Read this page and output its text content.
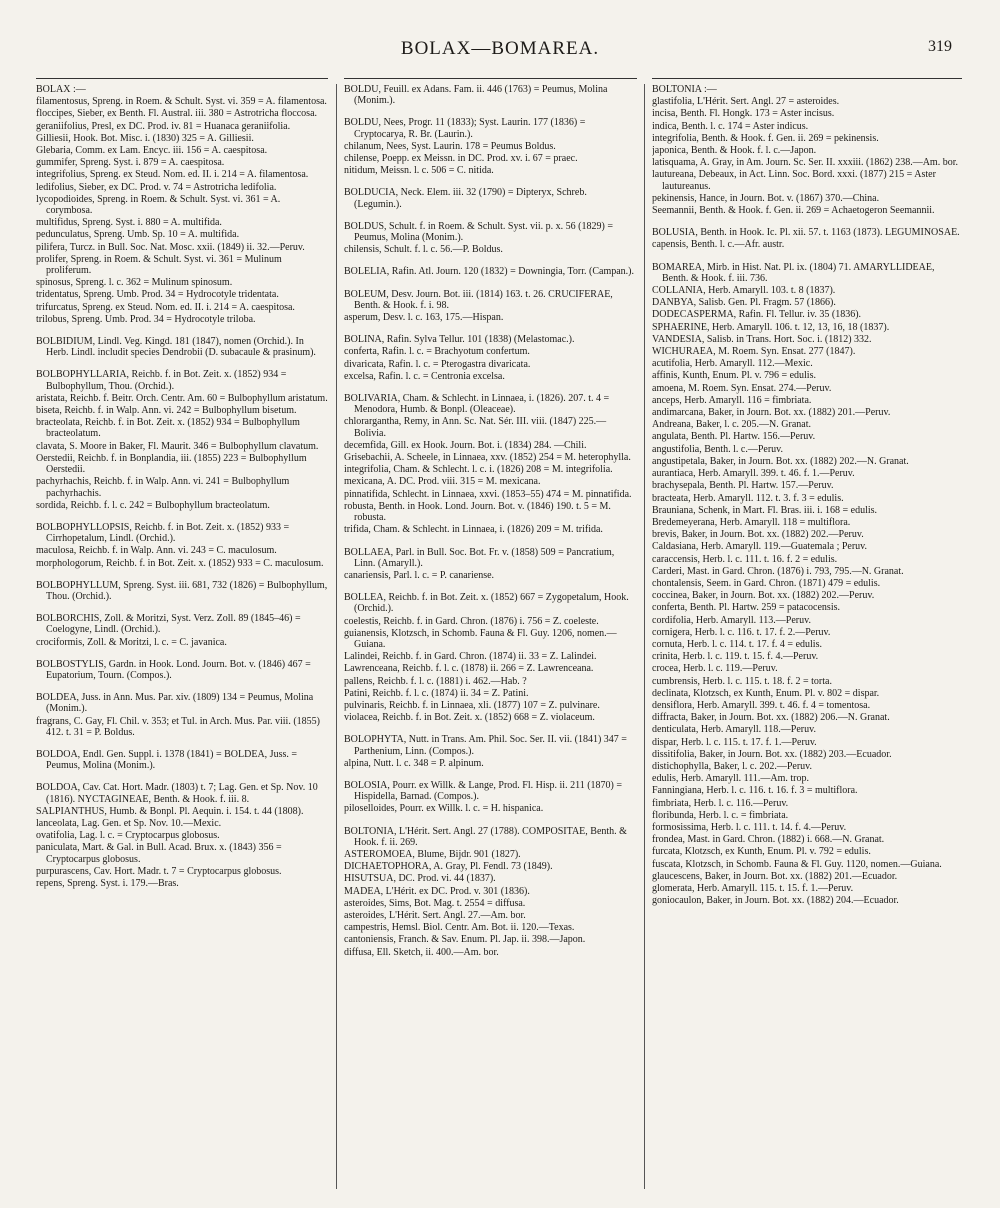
BOLAX—BOMAREA.	319

BOLAX :—

filamentosus, Spreng. in Roem. & Schult. Syst. vi. 359 = A. filamentosa.

floccipes, Sieber, ex Benth. Fl. Austral. iii. 380 = Astrotricha floccosa.

geraniifolius, Presl, ex DC. Prod. iv. 81 = Huanaca geraniifolia.

Gilliesii, Hook. Bot. Misc. i. (1830) 325 = A. Gilliesii.

Glebaria, Comm. ex Lam. Encyc. iii. 156 = A. caespitosa.

gummifer, Spreng. Syst. i. 879 = A. caespitosa.

integrifolius, Spreng. ex Steud. Nom. ed. II. i. 214 = A. filamentosa.

ledifolius, Sieber, ex DC. Prod. v. 74 = Astrotricha ledifolia.

lycopodioides, Spreng. in Roem. & Schult. Syst. vi. 361 = A. corymbosa.

multifidus, Spreng. Syst. i. 880 = A. multifida.

pedunculatus, Spreng. Umb. Sp. 10 = A. multifida.

pilifera, Turcz. in Bull. Soc. Nat. Mosc. xxii. (1849) ii. 32.—Peruv.

prolifer, Spreng. in Roem. & Schult. Syst. vi. 361 = Mulinum proliferum.

spinosus, Spreng. l. c. 362 = Mulinum spinosum.

tridentatus, Spreng. Umb. Prod. 34 = Hydrocotyle tridentata.

trifurcatus, Spreng. ex Steud. Nom. ed. II. i. 214 = A. caespitosa.

trilobus, Spreng. Umb. Prod. 34 = Hydrocotyle triloba.

BOLBIDIUM, Lindl. Veg. Kingd. 181 (1847), nomen (Orchid.). In Herb. Lindl. includit species Dendrobii (D. subacaule & prasinum).

BOLBOPHYLLARIA, Reichb. f. in Bot. Zeit. x. (1852) 934 = Bulbophyllum, Thou. (Orchid.).

aristata, Reichb. f. Beitr. Orch. Centr. Am. 60 = Bulbophyllum aristatum.

biseta, Reichb. f. in Walp. Ann. vi. 242 = Bulbophyllum bisetum.

bracteolata, Reichb. f. in Bot. Zeit. x. (1852) 934 = Bulbophyllum bracteolatum.

clavata, S. Moore in Baker, Fl. Maurit. 346 = Bulbophyllum clavatum.

Oerstedii, Reichb. f. in Bonplandia, iii. (1855) 223 = Bulbophyllum Oerstedii.

pachyrhachis, Reichb. f. in Walp. Ann. vi. 241 = Bulbophyllum pachyrhachis.

sordida, Reichb. f. l. c. 242 = Bulbophyllum bracteolatum.

BOLBOPHYLLOPSIS, Reichb. f. in Bot. Zeit. x. (1852) 933 = Cirrhopetalum, Lindl. (Orchid.).

maculosa, Reichb. f. in Walp. Ann. vi. 243 = C. maculosum.

morphologorum, Reichb. f. in Bot. Zeit. x. (1852) 933 = C. maculosum.

BOLBOPHYLLUM, Spreng. Syst. iii. 681, 732 (1826) = Bulbophyllum, Thou. (Orchid.).

BOLBORCHIS, Zoll. & Moritzi, Syst. Verz. Zoll. 89 (1845–46) = Coelogyne, Lindl. (Orchid.).

crociformis, Zoll. & Moritzi, l. c. = C. javanica.

BOLBOSTYLIS, Gardn. in Hook. Lond. Journ. Bot. v. (1846) 467 = Eupatorium, Tourn. (Compos.).

BOLDEA, Juss. in Ann. Mus. Par. xiv. (1809) 134 = Peumus, Molina (Monim.).

fragrans, C. Gay, Fl. Chil. v. 353; et Tul. in Arch. Mus. Par. viii. (1855) 412. t. 31 = P. Boldus.

BOLDOA, Endl. Gen. Suppl. i. 1378 (1841) = BOLDEA, Juss. = Peumus, Molina (Monim.).

BOLDOA, Cav. Cat. Hort. Madr. (1803) t. 7; Lag. Gen. et Sp. Nov. 10 (1816). NYCTAGINEAE, Benth. & Hook. f. iii. 8.

SALPIANTHUS, Humb. & Bonpl. Pl. Aequin. i. 154. t. 44 (1808).

lanceolata, Lag. Gen. et Sp. Nov. 10.—Mexic.

ovatifolia, Lag. l. c. = Cryptocarpus globosus.

paniculata, Mart. & Gal. in Bull. Acad. Brux. x. (1843) 356 = Cryptocarpus globosus.

purpurascens, Cav. Hort. Madr. t. 7 = Cryptocarpus globosus.

repens, Spreng. Syst. i. 179.—Bras.

BOLDU, Feuill. ex Adans. Fam. ii. 446 (1763) = Peumus, Molina (Monim.).

BOLDU, Nees, Progr. 11 (1833); Syst. Laurin. 177 (1836) = Cryptocarya, R. Br. (Laurin.).

chilanum, Nees, Syst. Laurin. 178 = Peumus Boldus.

chilense, Poepp. ex Meissn. in DC. Prod. xv. i. 67 = praec.

nitidum, Meissn. l. c. 506 = C. nitida.

BOLDUCIA, Neck. Elem. iii. 32 (1790) = Dipteryx, Schreb. (Legumin.).

BOLDUS, Schult. f. in Roem. & Schult. Syst. vii. p. x. 56 (1829) = Peumus, Molina (Monim.).

chilensis, Schult. f. l. c. 56.—P. Boldus.

BOLELIA, Rafin. Atl. Journ. 120 (1832) = Downingia, Torr. (Campan.).

BOLEUM, Desv. Journ. Bot. iii. (1814) 163. t. 26. CRUCIFERAE, Benth. & Hook. f. i. 98.

asperum, Desv. l. c. 163, 175.—Hispan.

BOLINA, Rafin. Sylva Tellur. 101 (1838) (Melastomac.).

conferta, Rafin. l. c. = Brachyotum confertum.

divaricata, Rafin. l. c. = Pterogastra divaricata.

excelsa, Rafin. l. c. = Centronia excelsa.

BOLIVARIA, Cham. & Schlecht. in Linnaea, i. (1826). 207. t. 4 = Menodora, Humb. & Bonpl. (Oleaceae).

chlorarganthа, Remy, in Ann. Sc. Nat. Sér. III. viii. (1847) 225.—Bolivia.

decemfida, Gill. ex Hook. Journ. Bot. i. (1834) 284. —Chili.

Grisebachii, A. Scheele, in Linnaea, xxv. (1852) 254 = M. heterophylla.

integrifolia, Cham. & Schlecht. l. c. i. (1826) 208 = M. integrifolia.

mexicana, A. DC. Prod. viii. 315 = M. mexicana.

pinnatifida, Schlecht. in Linnaea, xxvi. (1853–55) 474 = M. pinnatifida.

robusta, Benth. in Hook. Lond. Journ. Bot. v. (1846) 190. t. 5 = M. robusta.

trifida, Cham. & Schlecht. in Linnaea, i. (1826) 209 = M. trifida.

BOLLAEA, Parl. in Bull. Soc. Bot. Fr. v. (1858) 509 = Pancratium, Linn. (Amaryll.).

canariensis, Parl. l. c. = P. canariense.

BOLLEA, Reichb. f. in Bot. Zeit. x. (1852) 667 = Zygopetalum, Hook. (Orchid.).

coelestis, Reichb. f. in Gard. Chron. (1876) i. 756 = Z. coeleste.

guianensis, Klotzsch, in Schomb. Fauna & Fl. Guy. 1206, nomen.—Guiana.

Lalindei, Reichb. f. in Gard. Chron. (1874) ii. 33 = Z. Lalindei.

Lawrenceana, Reichb. f. l. c. (1878) ii. 266 = Z. Lawrenceana.

pallens, Reichb. f. l. c. (1881) i. 462.—Hab. ?

Patini, Reichb. f. l. c. (1874) ii. 34 = Z. Patini.

pulvinaris, Reichb. f. in Linnaea, xli. (1877) 107 = Z. pulvinare.

violacea, Reichb. f. in Bot. Zeit. x. (1852) 668 = Z. violaceum.

BOLOPHYTA, Nutt. in Trans. Am. Phil. Soc. Ser. II. vii. (1841) 347 = Parthenium, Linn. (Compos.).

alpina, Nutt. l. c. 348 = P. alpinum.

BOLOSIA, Pourr. ex Willk. & Lange, Prod. Fl. Hisp. ii. 211 (1870) = Hispidella, Barnad. (Compos.).

pilosellоides, Pourr. ex Willk. l. c. = H. hispanica.

BOLTONIA, L'Hérit. Sert. Angl. 27 (1788). COMPOSITAE, Benth. & Hook. f. ii. 269.

ASTEROMOEA, Blume, Bijdr. 901 (1827).

DICHAETOPHORA, A. Gray, Pl. Fendl. 73 (1849).

HISUTSUA, DC. Prod. vi. 44 (1837).

MADEA, L'Hérit. ex DC. Prod. v. 301 (1836).

asteroides, Sims, Bot. Mag. t. 2554 = diffusa.

asteroides, L'Hérit. Sert. Angl. 27.—Am. bor.

campestris, Hemsl. Biol. Centr. Am. Bot. ii. 120.—Texas.

cantoniensis, Franch. & Sav. Enum. Pl. Jap. ii. 398.—Japon.

diffusa, Ell. Sketch, ii. 400.—Am. bor.

BOLTONIA :—

glastifolia, L'Hérit. Sert. Angl. 27 = asteroides.

incisa, Benth. Fl. Hongk. 173 = Aster incisus.

indica, Benth. l. c. 174 = Aster indicus.

integrifolia, Benth. & Hook. f. Gen. ii. 269 = pekinensis.

japonica, Benth. & Hook. f. l. c.—Japon.

latisquama, A. Gray, in Am. Journ. Sc. Ser. II. xxxiii. (1862) 238.—Am. bor.

lautureana, Debeaux, in Act. Linn. Soc. Bord. xxxi. (1877) 215 = Aster lautureanus.

pekinensis, Hance, in Journ. Bot. v. (1867) 370.—China.

Seemannii, Benth. & Hook. f. Gen. ii. 269 = Achaetogeron Seemannii.

BOLUSIA, Benth. in Hook. Ic. Pl. xii. 57. t. 1163 (1873). LEGUMINOSAE.

capensis, Benth. l. c.—Afr. austr.

BOMAREA, Mirb. in Hist. Nat. Pl. ix. (1804) 71. AMARYLLIDEAE, Benth. & Hook. f. iii. 736.

COLLANIA, Herb. Amaryll. 103. t. 8 (1837).

DANBYA, Salisb. Gen. Pl. Fragm. 57 (1866).

DODECASPERMA, Rafin. Fl. Tellur. iv. 35 (1836).

SPHAERINE, Herb. Amaryll. 106. t. 12, 13, 16, 18 (1837).

VANDESIA, Salisb. in Trans. Hort. Soc. i. (1812) 332.

WICHURAEA, M. Roem. Syn. Ensat. 277 (1847).

acutifolia, Herb. Amaryll. 112.—Mexic.

affinis, Kunth, Enum. Pl. v. 796 = edulis.

amoena, M. Roem. Syn. Ensat. 274.—Peruv.

anceps, Herb. Amaryll. 116 = fimbriata.

andimarcana, Baker, in Journ. Bot. xx. (1882) 201.—Peruv.

Andreana, Baker, l. c. 205.—N. Granat.

angulata, Benth. Pl. Hartw. 156.—Peruv.

angustifolia, Benth. l. c.—Peruv.

angustipetala, Baker, in Journ. Bot. xx. (1882) 202.—N. Granat.

aurantiaca, Herb. Amaryll. 399. t. 46. f. 1.—Peruv.

brachysepala, Benth. Pl. Hartw. 157.—Peruv.

bracteata, Herb. Amaryll. 112. t. 3. f. 3 = edulis.

Brauniana, Schenk, in Mart. Fl. Bras. iii. i. 168 = edulis.

Bredemeyerana, Herb. Amaryll. 118 = multiflora.

brevis, Baker, in Journ. Bot. xx. (1882) 202.—Peruv.

Caldasiana, Herb. Amaryll. 119.—Guatemala ; Peruv.

caraccensis, Herb. l. c. 111. t. 16. f. 2 = edulis.

Carderi, Mast. in Gard. Chron. (1876) i. 793, 795.—N. Granat.

chontalensis, Seem. in Gard. Chron. (1871) 479 = edulis.

coccinea, Baker, in Journ. Bot. xx. (1882) 202.—Peruv.

conferta, Benth. Pl. Hartw. 259 = patacocensis.

cordifolia, Herb. Amaryll. 113.—Peruv.

cornigera, Herb. l. c. 116. t. 17. f. 2.—Peruv.

cornuta, Herb. l. c. 114. t. 17. f. 4 = edulis.

crinita, Herb. l. c. 119. t. 15. f. 4.—Peruv.

crocea, Herb. l. c. 119.—Peruv.

cumbrensis, Herb. l. c. 115. t. 18. f. 2 = torta.

declinata, Klotzsch, ex Kunth, Enum. Pl. v. 802 = dispar.

densiflora, Herb. Amaryll. 399. t. 46. f. 4 = tomentosa.

diffracta, Baker, in Journ. Bot. xx. (1882) 206.—N. Granat.

denticulata, Herb. Amaryll. 118.—Peruv.

dispar, Herb. l. c. 115. t. 17. f. 1.—Peruv.

dissitifolia, Baker, in Journ. Bot. xx. (1882) 203.—Ecuador.

distichophylla, Baker, l. c. 202.—Peruv.

edulis, Herb. Amaryll. 111.—Am. trop.

Fanningiana, Herb. l. c. 116. t. 16. f. 3 = multiflora.

fimbriata, Herb. l. c. 116.—Peruv.

floribunda, Herb. l. c. = fimbriata.

formosissima, Herb. l. c. 111. t. 14. f. 4.—Peruv.

frondea, Mast. in Gard. Chron. (1882) i. 668.—N. Granat.

furcata, Klotzsch, ex Kunth, Enum. Pl. v. 792 = edulis.

fuscata, Klotzsch, in Schomb. Fauna & Fl. Guy. 1120, nomen.—Guiana.

glaucescens, Baker, in Journ. Bot. xx. (1882) 201.—Ecuador.

glomerata, Herb. Amaryll. 115. t. 15. f. 1.—Peruv.

goniocaulon, Baker, in Journ. Bot. xx. (1882) 204.—Ecuador.
